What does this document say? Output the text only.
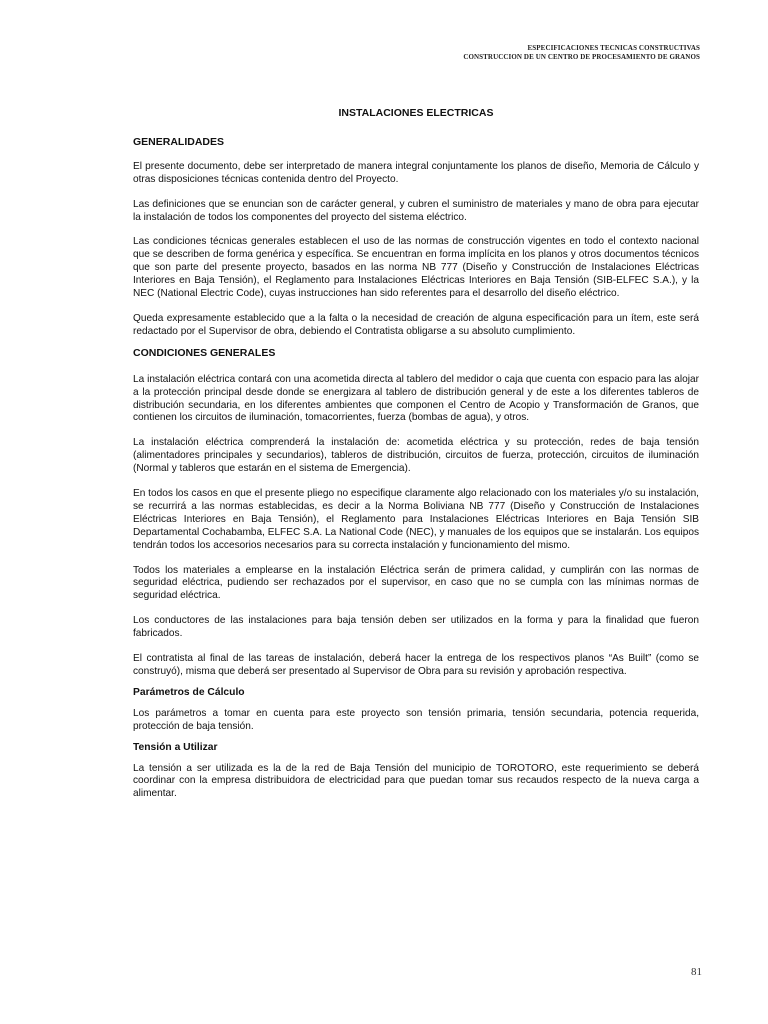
ESPECIFICACIONES TECNICAS CONSTRUCTIVAS
CONSTRUCCION DE UN CENTRO DE PROCESAMIENTO DE GRANOS
INSTALACIONES ELECTRICAS
GENERALIDADES

El presente documento, debe ser interpretado de manera integral conjuntamente los planos de diseño, Memoria de Cálculo y otras disposiciones técnicas contenida dentro del Proyecto.

Las definiciones que se enuncian son de carácter general, y cubren el suministro de materiales y mano de obra para ejecutar la instalación de todos los componentes del proyecto del sistema eléctrico.

Las condiciones técnicas generales establecen el uso de las normas de construcción vigentes en todo el contexto nacional que se describen de forma genérica y específica. Se encuentran en forma implícita en los planos y otros documentos técnicos que son parte del presente proyecto, basados en las norma NB 777 (Diseño y Construcción de Instalaciones Eléctricas Interiores en Baja Tensión), el Reglamento para Instalaciones Eléctricas Interiores en Baja Tensión (SIB-ELFEC S.A.), y la NEC (National Electric Code), cuyas instrucciones han sido referentes para el desarrollo del diseño eléctrico.

Queda expresamente establecido que a la falta o la necesidad de creación de alguna especificación para un ítem, este será redactado por el Supervisor de obra, debiendo el Contratista obligarse a su absoluto cumplimiento.

CONDICIONES GENERALES

La instalación eléctrica contará con una acometida directa al tablero del medidor o caja que cuenta con espacio para las alojar a la protección principal desde donde se energizara al tablero de distribución general y de este a los diferentes tableros de distribución secundaria, en los diferentes ambientes que componen el Centro de Acopio y Transformación de Granos, que contienen los circuitos de iluminación, tomacorrientes, fuerza (bombas de agua), y otros.

La instalación eléctrica comprenderá la instalación de: acometida eléctrica y su protección, redes de baja tensión (alimentadores principales y secundarios), tableros de distribución, circuitos de fuerza, protección, circuitos de iluminación (Normal y tableros que estarán en el sistema de Emergencia).

En todos los casos en que el presente pliego no especifique claramente algo relacionado con los materiales y/o su instalación, se recurrirá a las normas establecidas, es decir a la Norma Boliviana NB 777 (Diseño y Construcción de Instalaciones Eléctricas Interiores en Baja Tensión), el Reglamento para Instalaciones Eléctricas Interiores en Baja Tensión SIB Departamental Cochabamba, ELFEC S.A. La National Code (NEC), y manuales de los equipos que se instalarán. Los equipos tendrán todos los accesorios necesarios para su correcta instalación y funcionamiento del mismo.

Todos los materiales a emplearse en la instalación Eléctrica serán de primera calidad, y cumplirán con las normas de seguridad eléctrica, pudiendo ser rechazados por el supervisor, en caso que no se cumpla con las mínimas normas de seguridad eléctrica.

Los conductores de las instalaciones para baja tensión deben ser utilizados en la forma y para la finalidad que fueron fabricados.

El contratista al final de las tareas de instalación, deberá hacer la entrega de los respectivos planos “As Built” (como se construyó), misma que deberá ser presentado al Supervisor de Obra para su revisión y aprobación respectiva.

Parámetros de Cálculo

Los parámetros a tomar en cuenta para este proyecto son tensión primaria, tensión secundaria, potencia requerida, protección de baja tensión.

Tensión a Utilizar

La tensión a ser utilizada es la de la red de Baja Tensión del municipio de TOROTORO, este requerimiento se deberá coordinar con la empresa distribuidora de electricidad para que puedan tomar sus recaudos respecto de la nueva carga a alimentar.

81
